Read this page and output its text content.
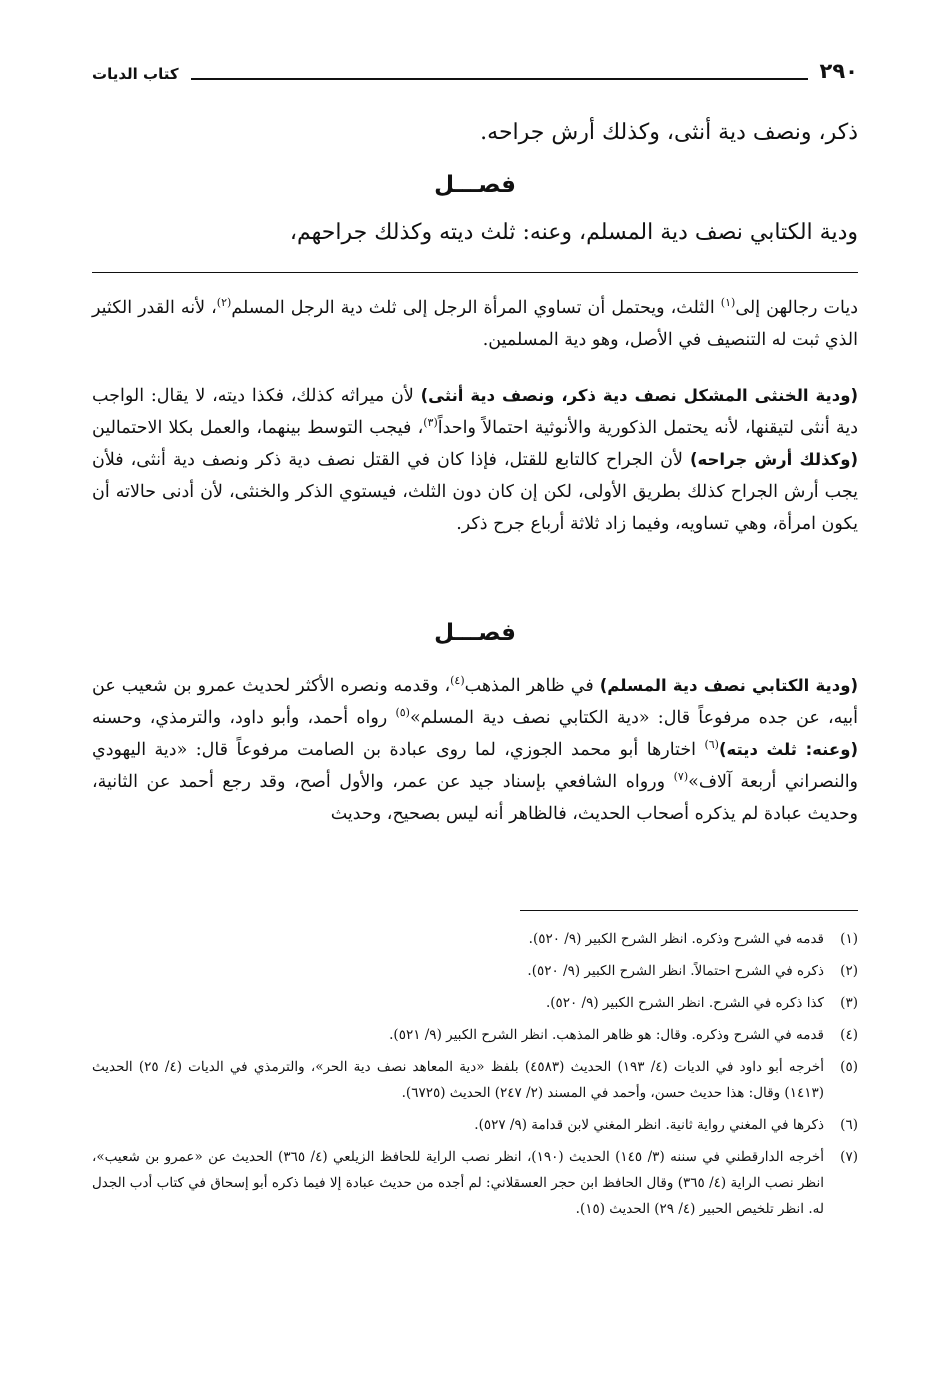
٢٩٠
كتاب الديات
ذكر، ونصف دية أنثى، وكذلك أرش جراحه.
فصـــل
ودية الكتابي نصف دية المسلم، وعنه: ثلث ديته وكذلك جراحهم،

ديات رجالهن إلى$^{(١)}$ الثلث، ويحتمل أن تساوي المرأة الرجل إلى ثلث دية الرجل المسلم$^{(٢)}$، لأنه القدر الكثير الذي ثبت له التنصيف في الأصل، وهو دية المسلمين.

(ودية الخنثى المشكل نصف دية ذكر، ونصف دية أنثى) لأن ميراثه كذلك، فكذا ديته، لا يقال: الواجب دية أنثى لتيقنها، لأنه يحتمل الذكورية والأنوثية احتمالاً واحداً$^{(٣)}$، فيجب التوسط بينهما، والعمل بكلا الاحتمالين (وكذلك أرش جراحه) لأن الجراح كالتابع للقتل، فإذا كان في القتل نصف دية ذكر ونصف دية أنثى، فلأن يجب أرش الجراح كذلك بطريق الأولى، لكن إن كان دون الثلث، فيستوي الذكر والخنثى، لأن أدنى حالاته أن يكون امرأة، وهي تساويه، وفيما زاد ثلاثة أرباع جرح ذكر.

فصـــل

(ودية الكتابي نصف دية المسلم) في ظاهر المذهب$^{(٤)}$، وقدمه ونصره الأكثر لحديث عمرو بن شعيب عن أبيه، عن جده مرفوعاً قال: «دية الكتابي نصف دية المسلم»$^{(٥)}$ رواه أحمد، وأبو داود، والترمذي، وحسنه (وعنه: ثلث ديته)$^{(٦)}$ اختارها أبو محمد الجوزي، لما روى عبادة بن الصامت مرفوعاً قال: «دية اليهودي والنصراني أربعة آلاف»$^{(٧)}$ ورواه الشافعي بإسناد جيد عن عمر، والأول أصح، وقد رجع أحمد عن الثانية، وحديث عبادة لم يذكره أصحاب الحديث، فالظاهر أنه ليس بصحيح، وحديث

(١)
قدمه في الشرح وذكره. انظر الشرح الكبير (٩/ ٥٢٠).
(٢)
ذكره في الشرح احتمالاً. انظر الشرح الكبير (٩/ ٥٢٠).
(٣)
كذا ذكره في الشرح. انظر الشرح الكبير (٩/ ٥٢٠).
(٤)
قدمه في الشرح وذكره. وقال: هو ظاهر المذهب. انظر الشرح الكبير (٩/ ٥٢١).
(٥)
أخرجه أبو داود في الديات (٤/ ١٩٣) الحديث (٤٥٨٣) بلفظ «دية المعاهد نصف دية الحر»، والترمذي في الديات (٤/ ٢٥) الحديث (١٤١٣) وقال: هذا حديث حسن، وأحمد في المسند (٢/ ٢٤٧) الحديث (٦٧٢٥).
(٦)
ذكرها في المغني رواية ثانية. انظر المغني لابن قدامة (٩/ ٥٢٧).
(٧)
أخرجه الدارقطني في سننه (٣/ ١٤٥) الحديث (١٩٠)، انظر نصب الراية للحافظ الزيلعي (٤/ ٣٦٥) الحديث عن «عمرو بن شعيب»، انظر نصب الراية (٤/ ٣٦٥) وقال الحافظ ابن حجر العسقلاني: لم أجده من حديث عبادة إلا فيما ذكره أبو إسحاق في كتاب أدب الجدل له. انظر تلخيص الحبير (٤/ ٢٩) الحديث (١٥).
